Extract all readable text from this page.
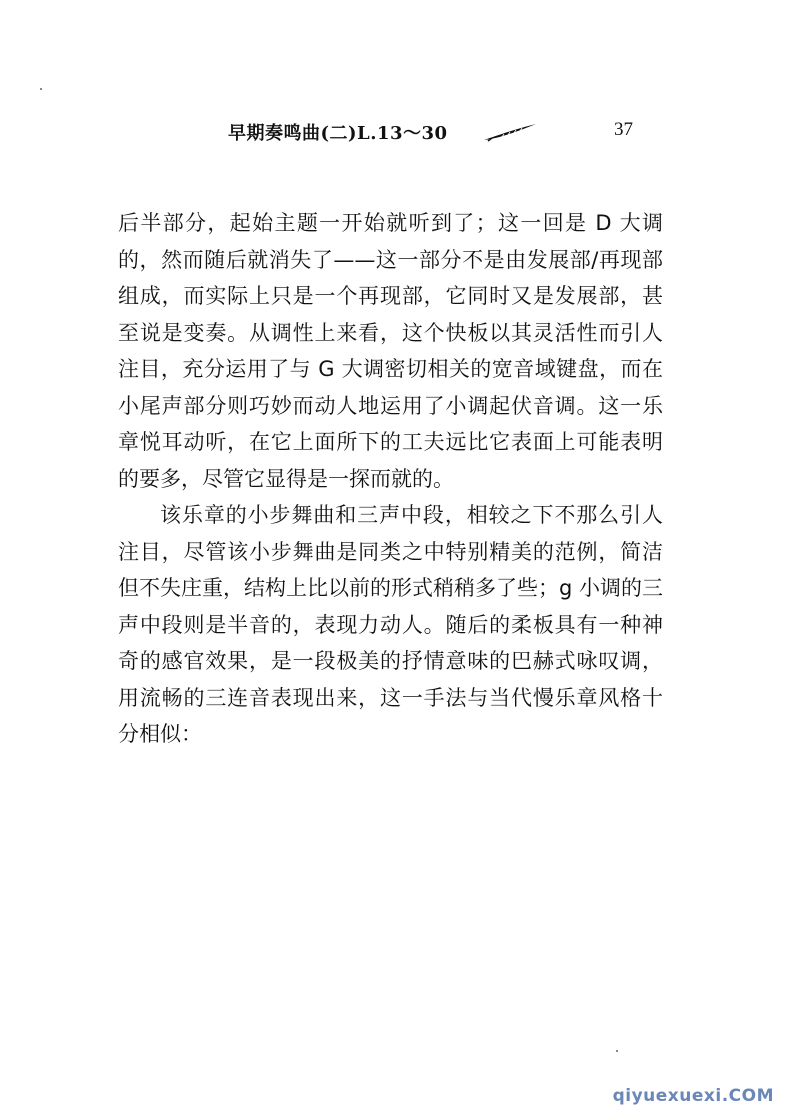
早期奏鸣曲(二)L.13～30	37

后半部分，起始主题一开始就听到了；这一回是 D 大调的，然而随后就消失了——这一部分不是由发展部/再现部组成，而实际上只是一个再现部，它同时又是发展部，甚至说是变奏。从调性上来看，这个快板以其灵活性而引人注目，充分运用了与 G 大调密切相关的宽音域键盘，而在小尾声部分则巧妙而动人地运用了小调起伏音调。这一乐章悦耳动听，在它上面所下的工夫远比它表面上可能表明的要多，尽管它显得是一探而就的。

该乐章的小步舞曲和三声中段，相较之下不那么引人注目，尽管该小步舞曲是同类之中特别精美的范例，简洁但不失庄重，结构上比以前的形式稍稍多了些；g 小调的三声中段则是半音的，表现力动人。随后的柔板具有一种神奇的感官效果，是一段极美的抒情意味的巴赫式咏叹调，用流畅的三连音表现出来，这一手法与当代慢乐章风格十分相似：

qiyuexuexi.COM
